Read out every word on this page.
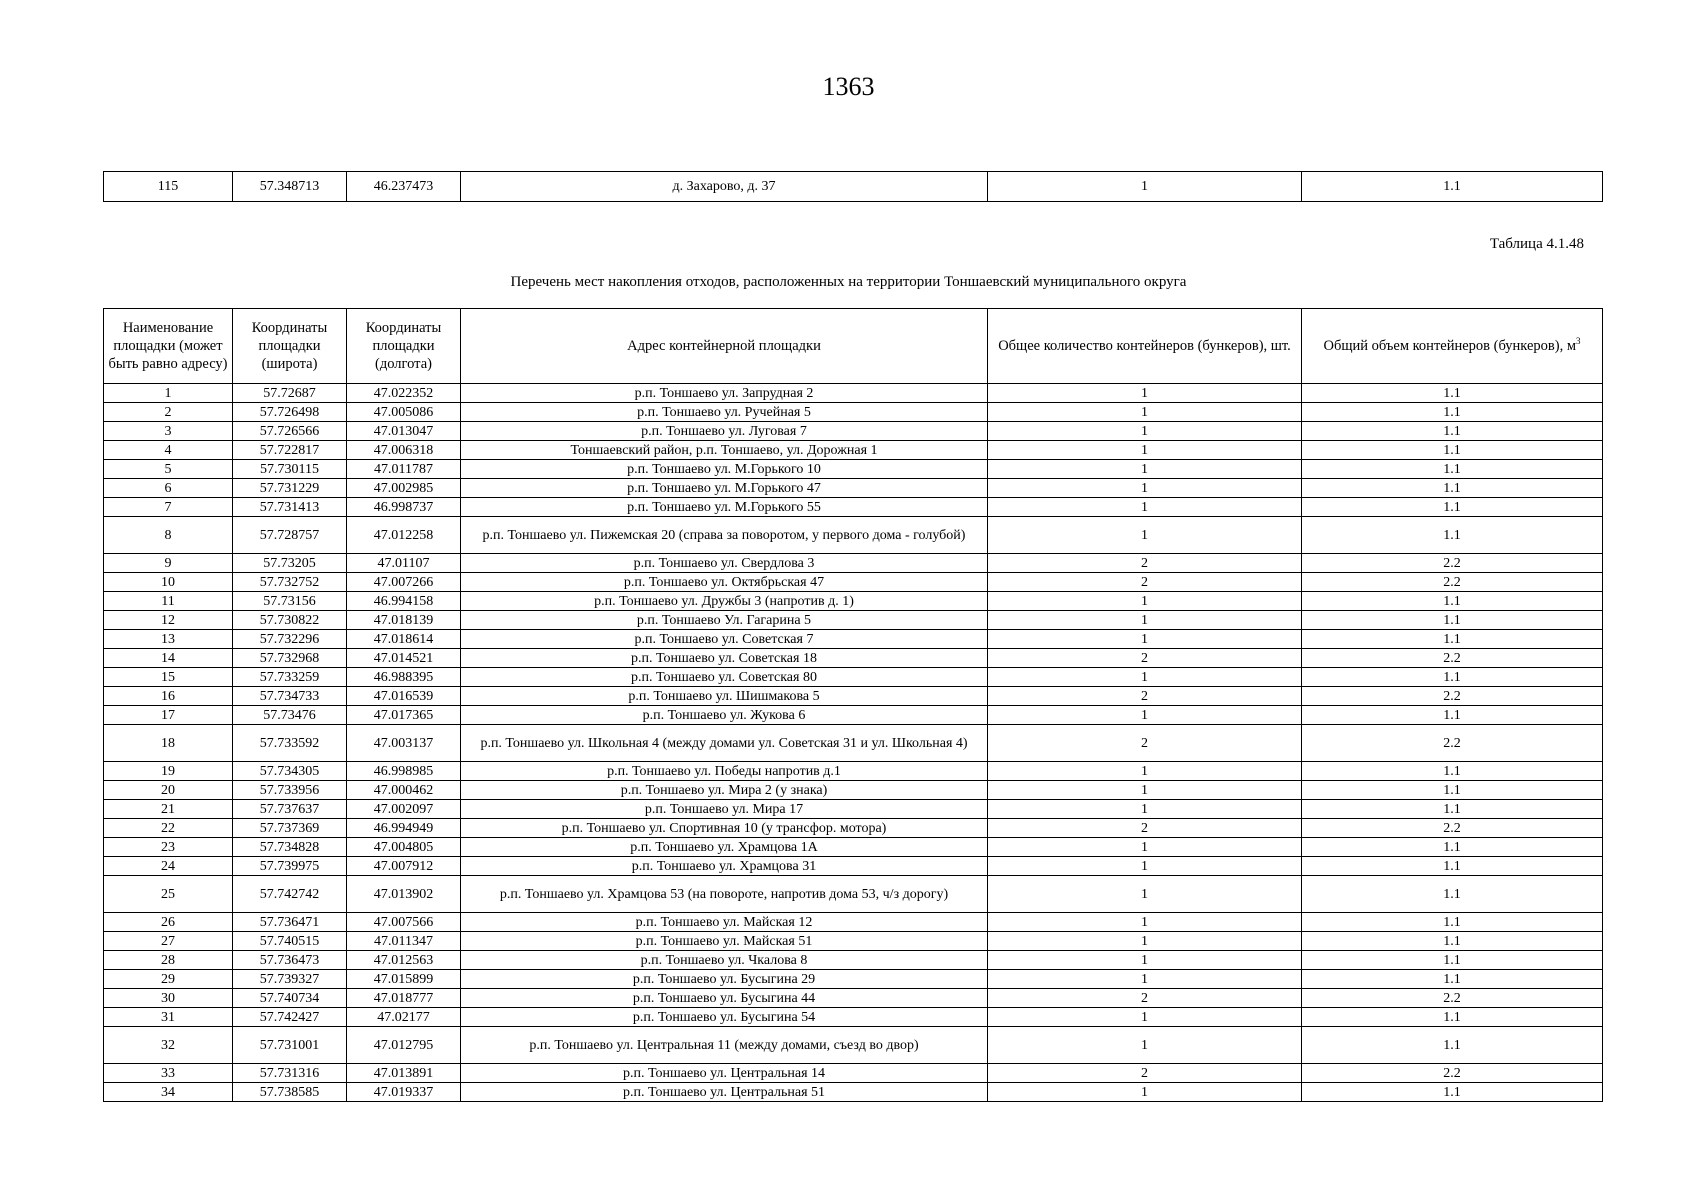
1363
115	57.348713	46.237473	д. Захарово, д. 37	1	1.1
Таблица 4.1.48
Перечень мест накопления отходов, расположенных на территории Тоншаевский муниципального округа
Наименование площадки (может быть равно адресу)	Координаты площадки (широта)	Координаты площадки (долгота)	Адрес контейнерной площадки	Общее количество контейнеров (бункеров), шт.	Общий объем контейнеров (бункеров), $м^3$
1	57.72687	47.022352	р.п. Тоншаево ул. Запрудная 2	1	1.1
2	57.726498	47.005086	р.п. Тоншаево ул. Ручейная 5	1	1.1
3	57.726566	47.013047	р.п. Тоншаево ул. Луговая 7	1	1.1
4	57.722817	47.006318	Тоншаевский район, р.п. Тоншаево, ул. Дорожная 1	1	1.1
5	57.730115	47.011787	р.п. Тоншаево ул. М.Горького 10	1	1.1
6	57.731229	47.002985	р.п. Тоншаево ул. М.Горького 47	1	1.1
7	57.731413	46.998737	р.п. Тоншаево ул. М.Горького 55	1	1.1
8	57.728757	47.012258	р.п. Тоншаево ул. Пижемская 20 (справа за поворотом, у первого дома - голубой)	1	1.1
9	57.73205	47.01107	р.п. Тоншаево ул. Свердлова 3	2	2.2
10	57.732752	47.007266	р.п. Тоншаево ул. Октябрьская 47	2	2.2
11	57.73156	46.994158	р.п. Тоншаево ул. Дружбы 3 (напротив д. 1)	1	1.1
12	57.730822	47.018139	р.п. Тоншаево Ул. Гагарина 5	1	1.1
13	57.732296	47.018614	р.п. Тоншаево ул. Советская 7	1	1.1
14	57.732968	47.014521	р.п. Тоншаево ул. Советская 18	2	2.2
15	57.733259	46.988395	р.п. Тоншаево ул. Советская 80	1	1.1
16	57.734733	47.016539	р.п. Тоншаево ул. Шишмакова 5	2	2.2
17	57.73476	47.017365	р.п. Тоншаево ул. Жукова 6	1	1.1
18	57.733592	47.003137	р.п. Тоншаево ул. Школьная 4 (между домами ул. Советская 31 и ул. Школьная 4)	2	2.2
19	57.734305	46.998985	р.п. Тоншаево ул. Победы напротив д.1	1	1.1
20	57.733956	47.000462	р.п. Тоншаево ул. Мира 2 (у знака)	1	1.1
21	57.737637	47.002097	р.п. Тоншаево ул. Мира 17	1	1.1
22	57.737369	46.994949	р.п. Тоншаево ул. Спортивная 10 (у трансфор. мотора)	2	2.2
23	57.734828	47.004805	р.п. Тоншаево ул. Храмцова 1А	1	1.1
24	57.739975	47.007912	р.п. Тоншаево ул. Храмцова 31	1	1.1
25	57.742742	47.013902	р.п. Тоншаево ул. Храмцова 53 (на повороте, напротив дома 53, ч/з дорогу)	1	1.1
26	57.736471	47.007566	р.п. Тоншаево ул. Майская 12	1	1.1
27	57.740515	47.011347	р.п. Тоншаево ул. Майская 51	1	1.1
28	57.736473	47.012563	р.п. Тоншаево ул. Чкалова 8	1	1.1
29	57.739327	47.015899	р.п. Тоншаево ул. Бусыгина 29	1	1.1
30	57.740734	47.018777	р.п. Тоншаево ул. Бусыгина 44	2	2.2
31	57.742427	47.02177	р.п. Тоншаево ул. Бусыгина 54	1	1.1
32	57.731001	47.012795	р.п. Тоншаево ул. Центральная 11 (между домами, съезд во двор)	1	1.1
33	57.731316	47.013891	р.п. Тоншаево ул. Центральная 14	2	2.2
34	57.738585	47.019337	р.п. Тоншаево ул. Центральная 51	1	1.1
